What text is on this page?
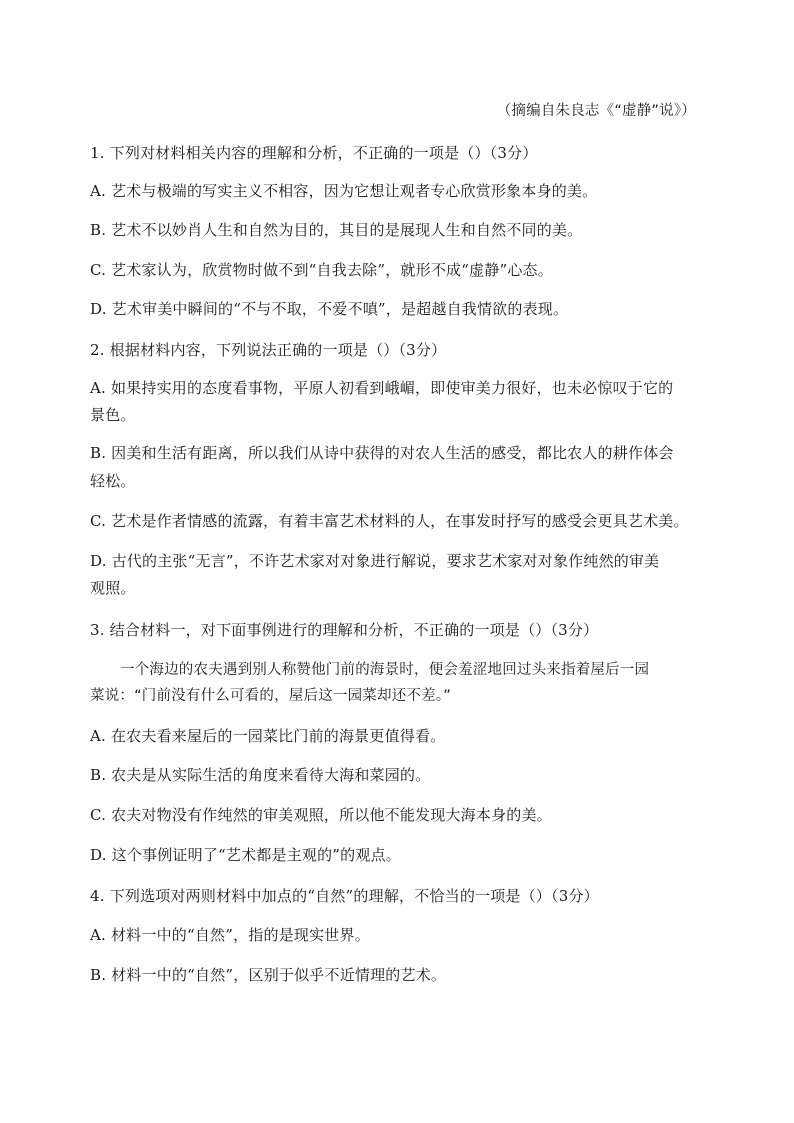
（摘编自朱良志《“虚静”说》）
1. 下列对材料相关内容的理解和分析，不正确的一项是（）（3分）
A. 艺术与极端的写实主义不相容，因为它想让观者专心欣赏形象本身的美。
B. 艺术不以妙肖人生和自然为目的，其目的是展现人生和自然不同的美。
C. 艺术家认为，欣赏物时做不到“自我去除”，就形不成“虚静”心态。
D. 艺术审美中瞬间的“不与不取，不爱不嗔”，是超越自我情欲的表现。
2. 根据材料内容，下列说法正确的一项是（）（3分）
A. 如果持实用的态度看事物，平原人初看到峨嵋，即使审美力很好，也未必惊叹于它的
景色。
B. 因美和生活有距离，所以我们从诗中获得的对农人生活的感受，都比农人的耕作体会
轻松。
C. 艺术是作者情感的流露，有着丰富艺术材料的人，在事发时抒写的感受会更具艺术美。
D. 古代的主张“无言”，不许艺术家对对象进行解说，要求艺术家对对象作纯然的审美
观照。
3. 结合材料一，对下面事例进行的理解和分析，不正确的一项是（）（3分）
一个海边的农夫遇到别人称赞他门前的海景时，便会羞涩地回过头来指着屋后一园
菜说：“门前没有什么可看的，屋后这一园菜却还不差。”
A. 在农夫看来屋后的一园菜比门前的海景更值得看。
B. 农夫是从实际生活的角度来看待大海和菜园的。
C. 农夫对物没有作纯然的审美观照，所以他不能发现大海本身的美。
D. 这个事例证明了“艺术都是主观的”的观点。
4. 下列选项对两则材料中加点的“自然”的理解，不恰当的一项是（）（3分）
A. 材料一中的“自然”，指的是现实世界。
B. 材料一中的“自然”，区别于似乎不近情理的艺术。
